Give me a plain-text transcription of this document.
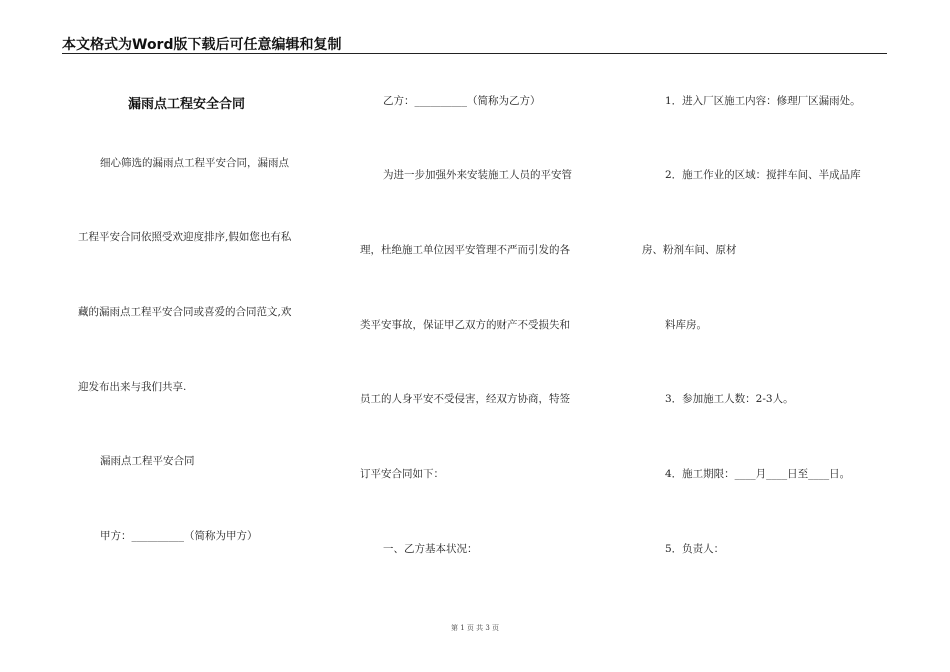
本文格式为Word版下载后可任意编辑和复制
漏雨点工程安全合同
细心筛选的漏雨点工程平安合同，漏雨点
工程平安合同依照受欢迎度排序,假如您也有私
藏的漏雨点工程平安合同或喜爱的合同范文,欢
迎发布出来与我们共享.
漏雨点工程平安合同
甲方：__________（简称为甲方）
乙方：__________（简称为乙方）
为进一步加强外来安装施工人员的平安管
理，杜绝施工单位因平安管理不严而引发的各
类平安事故，保证甲乙双方的财产不受损失和
员工的人身平安不受侵害，经双方协商，特签
订平安合同如下：
一、乙方基本状况：
1．进入厂区施工内容：修理厂区漏雨处。
2．施工作业的区域：搅拌车间、半成品库
房、粉剂车间、原材
料库房。
3．参加施工人数：2-3人。
4．施工期限：____月____日至____日。
5．负责人：
第 1 页 共 3 页
